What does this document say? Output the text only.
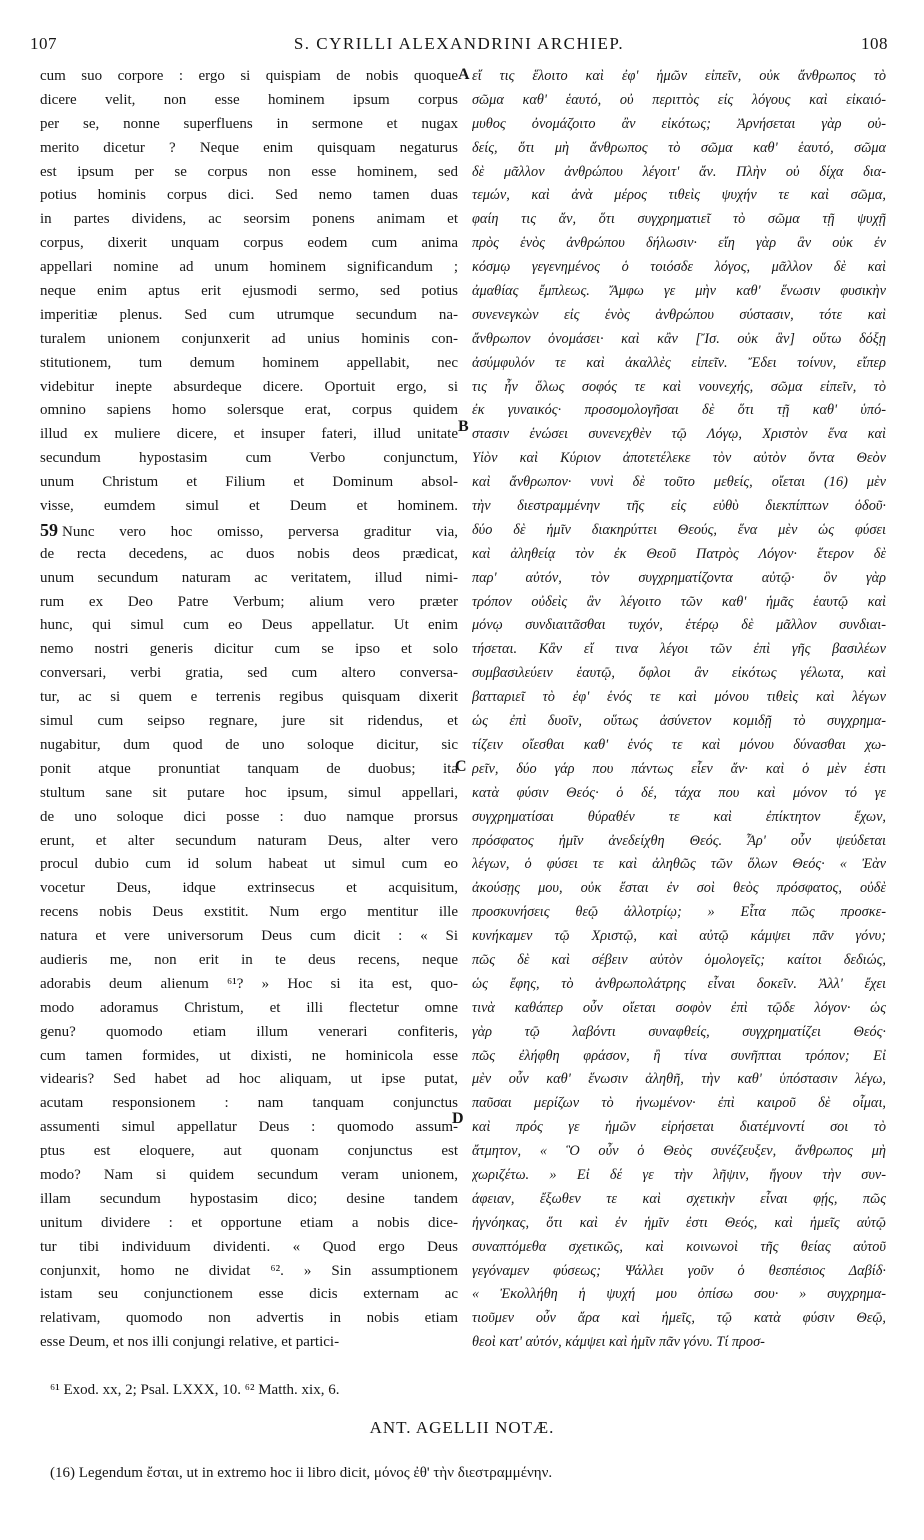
107	S. CYRILLI ALEXANDRINI ARCHIEP.	108
cum suo corpore : ergo si quispiam de nobis quoque
dicere velit, non esse hominem ipsum corpus
per se, nonne superfluens in sermone et nugax
merito dicetur ? Neque enim quisquam negaturus
est ipsum per se corpus non esse hominem, sed
potius hominis corpus dici. Sed nemo tamen duas
in partes dividens, ac seorsim ponens animam et
corpus, dixerit unquam corpus eodem cum anima
appellari nomine ad unum hominem significandum ;
neque enim aptus erit ejusmodi sermo, sed potius
imperitiæ plenus. Sed cum utrumque secundum na-
turalem unionem conjunxerit ad unius hominis con-
stitutionem, tum demum hominem appellabit, nec
videbitur inepte absurdeque dicere. Oportuit ergo, si
omnino sapiens homo solersque erat, corpus quidem
illud ex muliere dicere, et insuper fateri, illud unitate
secundum hypostasim cum Verbo conjunctum,
unum Christum et Filium et Dominum absol-
visse, eumdem simul et Deum et hominem.
59 Nunc vero hoc omisso, perversa graditur via,
de recta decedens, ac duos nobis deos prædicat,
unum secundum naturam ac veritatem, illud nimi-
rum ex Deo Patre Verbum; alium vero præter
hunc, qui simul cum eo Deus appellatur. Ut enim
nemo nostri generis dicitur cum se ipso et solo
conversari, verbi gratia, sed cum altero conversa-
tur, ac si quem e terrenis regibus quisquam dixerit
simul cum seipso regnare, jure sit ridendus, et
nugabitur, dum quod de uno soloque dicitur, sic
ponit atque pronuntiat tanquam de duobus; ita
stultum sane sit putare hoc ipsum, simul appellari,
de uno soloque dici posse : duo namque prorsus
erunt, et alter secundum naturam Deus, alter vero
procul dubio cum id solum habeat ut simul cum eo
vocetur Deus, idque extrinsecus et acquisitum,
recens nobis Deus exstitit. Num ergo mentitur ille
natura et vere universorum Deus cum dicit : « Si
audieris me, non erit in te deus recens, neque
adorabis deum alienum ⁶¹? » Hoc si ita est, quo-
modo adoramus Christum, et illi flectetur omne
genu? quomodo etiam illum venerari confiteris,
cum tamen formides, ut dixisti, ne hominicola esse
videaris? Sed habet ad hoc aliquam, ut ipse putat,
acutam responsionem : nam tanquam conjunctus
assumenti simul appellatur Deus : quomodo assum-
ptus est eloquere, aut quonam conjunctus est
modo? Nam si quidem secundum veram unionem,
illam secundum hypostasim dico; desine tandem
unitum dividere : et opportune etiam a nobis dice-
tur tibi individuum dividenti. « Quod ergo Deus
conjunxit, homo ne dividat ⁶². » Sin assumptionem
istam seu conjunctionem esse dicis externam ac
relativam, quomodo non advertis in nobis etiam
esse Deum, et nos illi conjungi relative, et partici-
εἴ τις ἕλοιτο καὶ ἐφ' ἡμῶν εἰπεῖν, οὐκ ἄνθρωπος τὸ
σῶμα καθ' ἑαυτό, οὐ περιττὸς εἰς λόγους καὶ εἰκαιό-
μυθος ὀνομάζοιτο ἂν εἰκότως; Ἀρνήσεται γὰρ οὐ-
δείς, ὅτι μὴ ἄνθρωπος τὸ σῶμα καθ' ἑαυτό, σῶμα
δὲ μᾶλλον ἀνθρώπου λέγοιτ' ἄν. Πλὴν οὐ δίχα δια-
τεμών, καὶ ἀνὰ μέρος τιθεὶς ψυχήν τε καὶ σῶμα,
φαίη τις ἄν, ὅτι συγχρηματιεῖ τὸ σῶμα τῇ ψυχῇ
πρὸς ἑνὸς ἀνθρώπου δήλωσιν· εἴη γὰρ ἂν οὐκ ἐν
κόσμῳ γεγενημένος ὁ τοιόσδε λόγος, μᾶλλον δὲ καὶ
ἀμαθίας ἔμπλεως. Ἄμφω γε μὴν καθ' ἕνωσιν φυσικὴν
συνενεγκὼν εἰς ἑνὸς ἀνθρώπου σύστασιν, τότε καὶ
ἄνθρωπον ὀνομάσει· καὶ κἂν [Ἴσ. οὐκ ἂν] οὕτω δόξῃ
ἀσύμφυλόν τε καὶ ἀκαλλὲς εἰπεῖν. Ἔδει τοίνυν, εἴπερ
τις ἦν ὅλως σοφός τε καὶ νουνεχής, σῶμα εἰπεῖν, τὸ
ἐκ γυναικός· προσομολογῆσαι δὲ ὅτι τῇ καθ' ὑπό-
στασιν ἑνώσει συνενεχθὲν τῷ Λόγῳ, Χριστὸν ἕνα καὶ
Υἱὸν καὶ Κύριον ἀποτετέλεκε τὸν αὐτὸν ὄντα Θεὸν
καὶ ἄνθρωπον· νυνὶ δὲ τοῦτο μεθείς, οἴεται (16) μὲν
τὴν διεστραμμένην τῆς εἰς εὐθὺ διεκπίπτων ὁδοῦ·
δύο δὲ ἡμῖν διακηρύττει Θεούς, ἕνα μὲν ὡς φύσει
καὶ ἀληθείᾳ τὸν ἐκ Θεοῦ Πατρὸς Λόγον· ἕτερον δὲ
παρ' αὐτόν, τὸν συγχρηματίζοντα αὐτῷ· ὃν γὰρ
τρόπον οὐδεὶς ἂν λέγοιτο τῶν καθ' ἡμᾶς ἑαυτῷ καὶ
μόνῳ συνδιαιτᾶσθαι τυχόν, ἑτέρῳ δὲ μᾶλλον συνδιαι-
τήσεται. Κἂν εἴ τινα λέγοι τῶν ἐπὶ γῆς βασιλέων
συμβασιλεύειν ἑαυτῷ, ὄφλοι ἂν εἰκότως γέλωτα, καὶ
βατταριεῖ τὸ ἐφ' ἑνός τε καὶ μόνου τιθεὶς καὶ λέγων
ὡς ἐπὶ δυοῖν, οὕτως ἀσύνετον κομιδῇ τὸ συγχρημα-
τίζειν οἴεσθαι καθ' ἑνός τε καὶ μόνου δύνασθαι χω-
ρεῖν, δύο γάρ που πάντως εἶεν ἄν· καὶ ὁ μὲν ἐστι
κατὰ φύσιν Θεός· ὁ δέ, τάχα που καὶ μόνον τό γε
συγχρηματίσαι θύραθέν τε καὶ ἐπίκτητον ἔχων,
πρόσφατος ἡμῖν ἀνεδείχθη Θεός. Ἆρ' οὖν ψεύδεται
λέγων, ὁ φύσει τε καὶ ἀληθῶς τῶν ὅλων Θεός· « Ἐὰν
ἀκούσῃς μου, οὐκ ἔσται ἐν σοὶ θεὸς πρόσφατος, οὐδὲ
προσκυνήσεις θεῷ ἀλλοτρίῳ; » Εἶτα πῶς προσκε-
κυνήκαμεν τῷ Χριστῷ, καὶ αὐτῷ κάμψει πᾶν γόνυ;
πῶς δὲ καὶ σέβειν αὐτὸν ὁμολογεῖς; καίτοι δεδιώς,
ὡς ἔφης, τὸ ἀνθρωπολάτρης εἶναι δοκεῖν. Ἀλλ' ἔχει
τινὰ καθάπερ οὖν οἴεται σοφὸν ἐπὶ τῷδε λόγον· ὡς
γὰρ τῷ λαβόντι συναφθείς, συγχρηματίζει Θεός·
πῶς ἐλήφθη φράσον, ἢ τίνα συνῆπται τρόπον; Εἰ
μὲν οὖν καθ' ἕνωσιν ἀληθῆ, τὴν καθ' ὑπόστασιν λέγω,
παῦσαι μερίζων τὸ ἡνωμένον· ἐπὶ καιροῦ δὲ οἶμαι,
καὶ πρός γε ἡμῶν εἰρήσεται διατέμνοντί σοι τὸ
ἄτμητον, « Ὃ οὖν ὁ Θεὸς συνέζευξεν, ἄνθρωπος μὴ
χωριζέτω. » Εἰ δέ γε τὴν λῆψιν, ἤγουν τὴν συν-
άφειαν, ἔξωθεν τε καὶ σχετικὴν εἶναι φῄς, πῶς
ἠγνόηκας, ὅτι καὶ ἐν ἡμῖν ἐστι Θεός, καὶ ἡμεῖς αὐτῷ
συναπτόμεθα σχετικῶς, καὶ κοινωνοὶ τῆς θείας αὐτοῦ
γεγόναμεν φύσεως; Ψάλλει γοῦν ὁ θεσπέσιος Δαβίδ·
« Ἐκολλήθη ἡ ψυχή μου ὀπίσω σου· » συγχρημα-
τιοῦμεν οὖν ἄρα καὶ ἡμεῖς, τῷ κατὰ φύσιν Θεῷ,
θεοὶ κατ' αὐτόν, κάμψει καὶ ἡμῖν πᾶν γόνυ. Τί προσ-
A
B
C
D
⁶¹ Exod. xx, 2; Psal. LXXX, 10. ⁶² Matth. xix, 6.
ANT. AGELLII NOTÆ.
(16) Legendum ἔσται, ut in extremo hoc ii libro dicit, μόνος ἐθ' τὴν διεστραμμένην.
